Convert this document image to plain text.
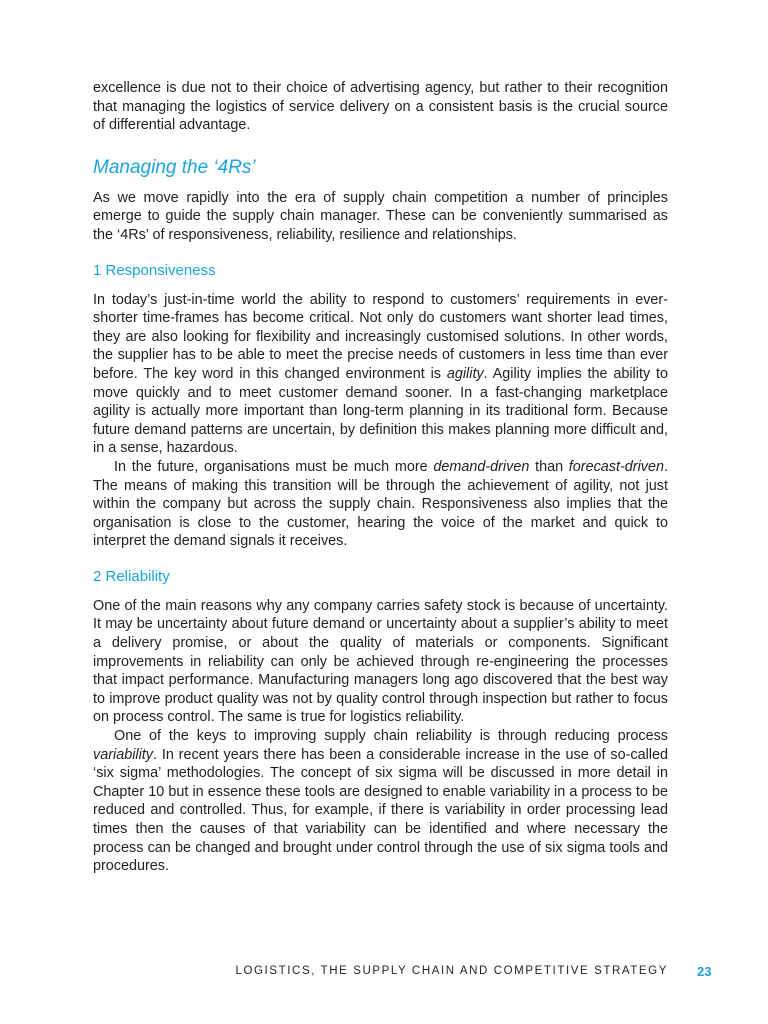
excellence is due not to their choice of advertising agency, but rather to their recognition that managing the logistics of service delivery on a consistent basis is the crucial source of differential advantage.

Managing the ‘4Rs’

As we move rapidly into the era of supply chain competition a number of principles emerge to guide the supply chain manager. These can be conveniently summarised as the ‘4Rs’ of responsiveness, reliability, resilience and relationships.

1 Responsiveness

In today’s just-in-time world the ability to respond to customers’ requirements in ever-shorter time-frames has become critical. Not only do customers want shorter lead times, they are also looking for flexibility and increasingly customised solutions. In other words, the supplier has to be able to meet the precise needs of customers in less time than ever before. The key word in this changed environment is agility. Agility implies the ability to move quickly and to meet customer demand sooner. In a fast-changing marketplace agility is actually more important than long-term planning in its traditional form. Because future demand patterns are uncertain, by definition this makes planning more difficult and, in a sense, hazardous.

In the future, organisations must be much more demand-driven than forecast-driven. The means of making this transition will be through the achievement of agility, not just within the company but across the supply chain. Responsiveness also implies that the organisation is close to the customer, hearing the voice of the market and quick to interpret the demand signals it receives.

2 Reliability

One of the main reasons why any company carries safety stock is because of uncertainty. It may be uncertainty about future demand or uncertainty about a supplier’s ability to meet a delivery promise, or about the quality of materials or components. Significant improvements in reliability can only be achieved through re-engineering the processes that impact performance. Manufacturing managers long ago discovered that the best way to improve product quality was not by quality control through inspection but rather to focus on process control. The same is true for logistics reliability.

One of the keys to improving supply chain reliability is through reducing process variability. In recent years there has been a considerable increase in the use of so-called ‘six sigma’ methodologies. The concept of six sigma will be discussed in more detail in Chapter 10 but in essence these tools are designed to enable variability in a process to be reduced and controlled. Thus, for example, if there is variability in order processing lead times then the causes of that variability can be identified and where necessary the process can be changed and brought under control through the use of six sigma tools and procedures.

LOGISTICS, THE SUPPLY CHAIN AND COMPETITIVE STRATEGY 23
